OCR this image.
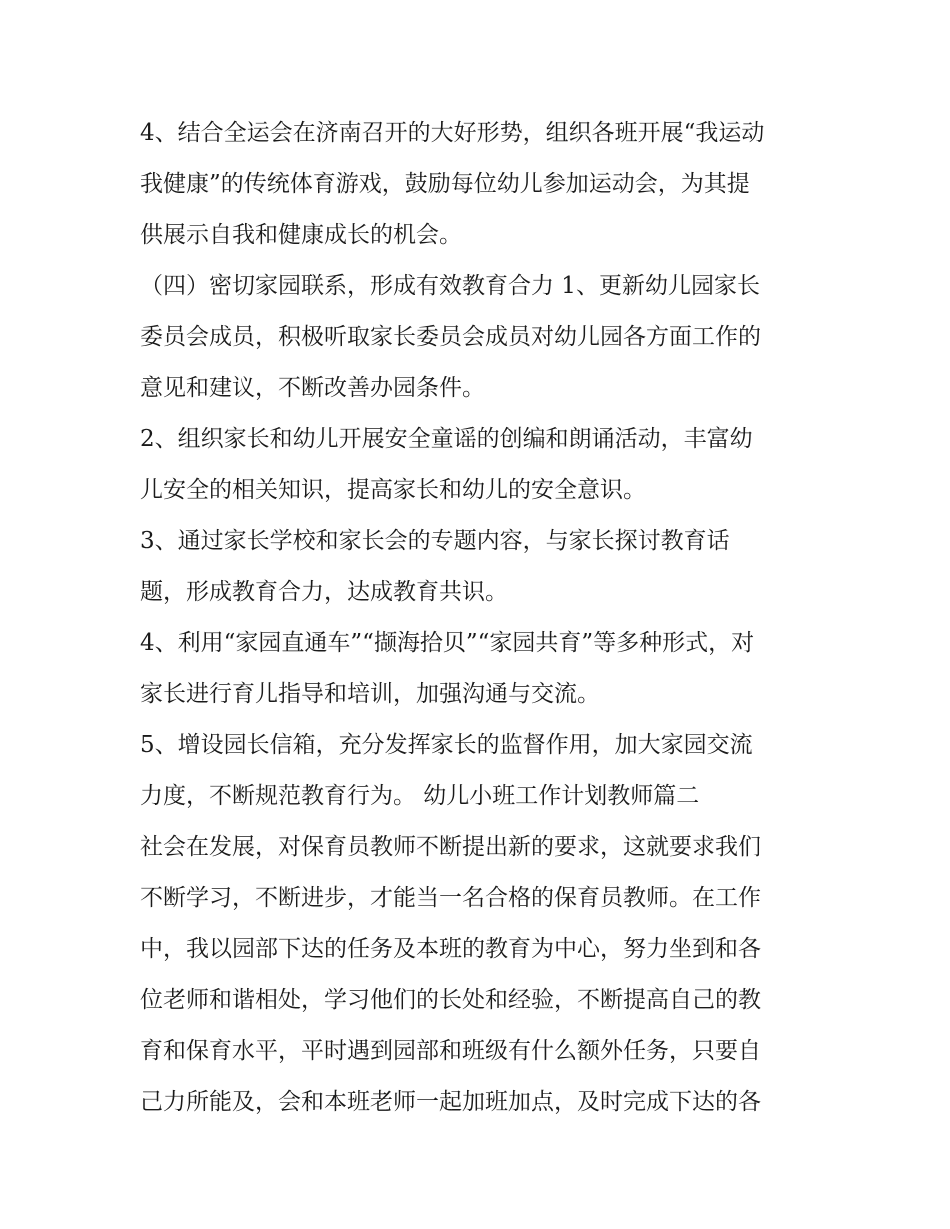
4、结合全运会在济南召开的大好形势，组织各班开展“我运动
我健康”的传统体育游戏，鼓励每位幼儿参加运动会，为其提
供展示自我和健康成长的机会。
（四）密切家园联系，形成有效教育合力 1、更新幼儿园家长
委员会成员，积极听取家长委员会成员对幼儿园各方面工作的
意见和建议，不断改善办园条件。
2、组织家长和幼儿开展安全童谣的创编和朗诵活动，丰富幼
儿安全的相关知识，提高家长和幼儿的安全意识。
3、通过家长学校和家长会的专题内容，与家长探讨教育话
题，形成教育合力，达成教育共识。
4、利用“家园直通车”“撷海拾贝”“家园共育”等多种形式，对
家长进行育儿指导和培训，加强沟通与交流。
5、增设园长信箱，充分发挥家长的监督作用，加大家园交流
力度，不断规范教育行为。 幼儿小班工作计划教师篇二
社会在发展，对保育员教师不断提出新的要求，这就要求我们
不断学习，不断进步，才能当一名合格的保育员教师。在工作
中，我以园部下达的任务及本班的教育为中心，努力坐到和各
位老师和谐相处，学习他们的长处和经验，不断提高自己的教
育和保育水平，平时遇到园部和班级有什么额外任务，只要自
己力所能及，会和本班老师一起加班加点，及时完成下达的各
